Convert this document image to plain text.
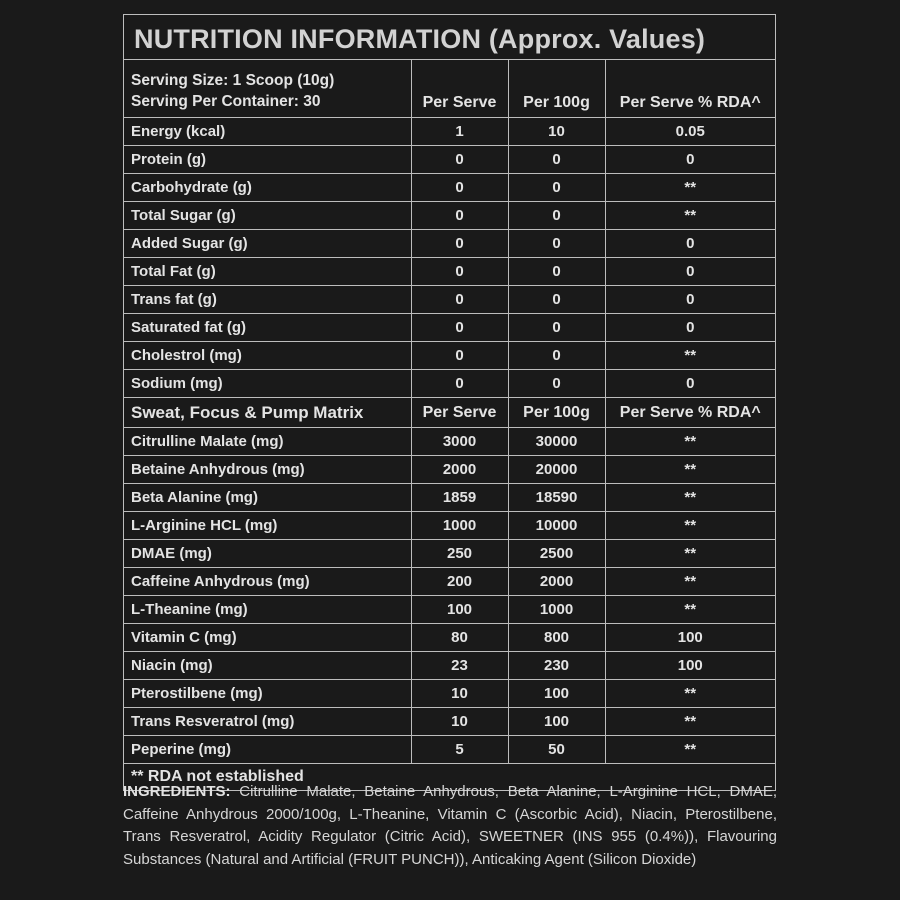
NUTRITION INFORMATION (Approx. Values)
Serving Size: 1 Scoop (10g)
Serving Per Container: 30	Per Serve	Per 100g	Per Serve % RDA^
Energy (kcal)	1	10	0.05
Protein (g)	0	0	0
Carbohydrate (g)	0	0	**
Total Sugar (g)	0	0	**
Added Sugar (g)	0	0	0
Total Fat (g)	0	0	0
Trans fat (g)	0	0	0
Saturated fat (g)	0	0	0
Cholestrol (mg)	0	0	**
Sodium (mg)	0	0	0
Sweat, Focus & Pump Matrix	Per Serve	Per 100g	Per Serve % RDA^
Citrulline Malate (mg)	3000	30000	**
Betaine Anhydrous (mg)	2000	20000	**
Beta Alanine (mg)	1859	18590	**
L-Arginine HCL (mg)	1000	10000	**
DMAE (mg)	250	2500	**
Caffeine Anhydrous (mg)	200	2000	**
L-Theanine (mg)	100	1000	**
Vitamin C (mg)	80	800	100
Niacin (mg)	23	230	100
Pterostilbene (mg)	10	100	**
Trans Resveratrol (mg)	10	100	**
Peperine (mg)	5	50	**
** RDA not established			
INGREDIENTS: Citrulline Malate, Betaine Anhydrous, Beta Alanine, L-Arginine HCL, DMAE, Caffeine Anhydrous 2000/100g, L-Theanine, Vitamin C (Ascorbic Acid), Niacin, Pterostilbene, Trans Resveratrol, Acidity Regulator (Citric Acid), SWEETNER (INS 955 (0.4%)), Flavouring Substances (Natural and Artificial (FRUIT PUNCH)), Anticaking Agent (Silicon Dioxide)
